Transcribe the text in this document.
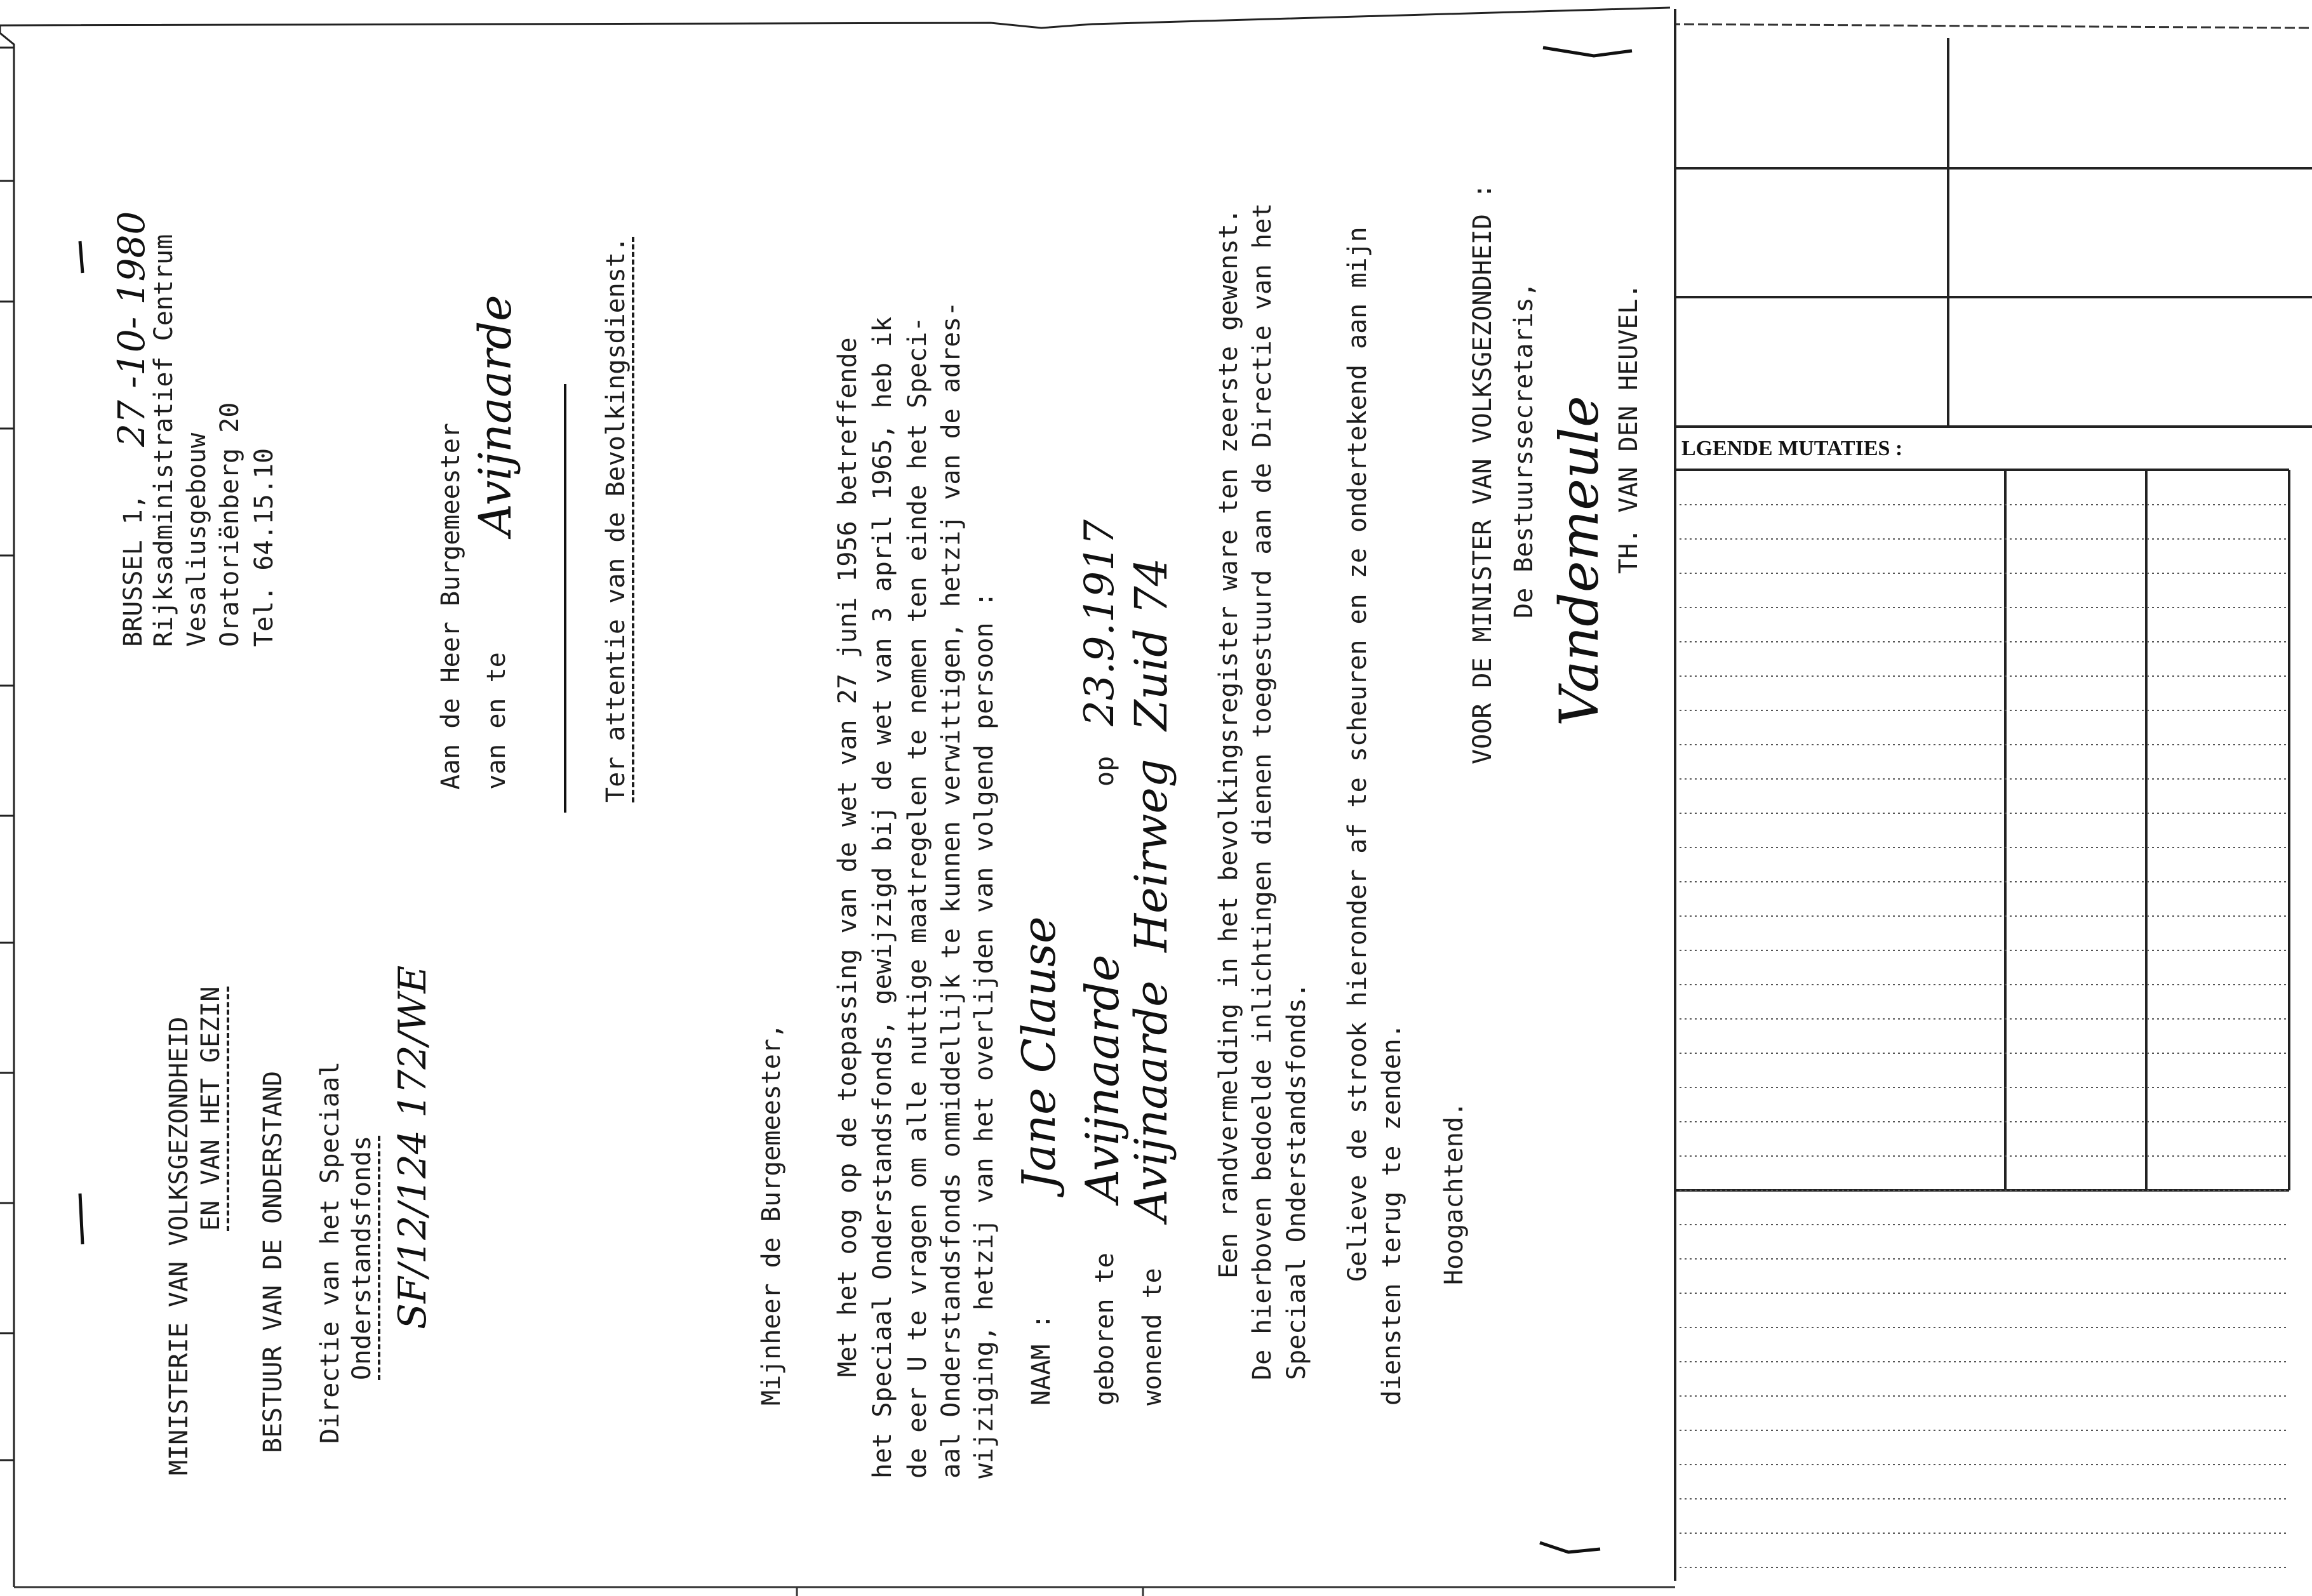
MINISTERIE VAN VOLKSGEZONDHEID EN VAN HET GEZIN BESTUUR VAN DE ONDERSTAND Directie van het Speciaal Onderstandsfonds SF/12/124 172/WE
BRUSSEL 1,
27 -10- 1980
Rijksadministratief Centrum Vesaliusgebouw Oratoriënberg 20 Tel. 64.15.10	Aan de Heer Burgemeester van en te
Avijnaarde	Ter attentie van de Bevolkingsdienst.
Mijnheer de Burgemeester, Met het oog op de toepassing van de wet van 27 juni 1956 betreffende het Speciaal Onderstandsfonds, gewijzigd bij de wet van 3 april 1965, heb ik de eer U te vragen om alle nuttige maatregelen te nemen ten einde het Speci- aal Onderstandsfonds onmiddellijk te kunnen verwittigen, hetzij van de adres- wijziging, hetzij van het overlijden van volgend persoon : NAAM :
Jane Clause
geboren te
Avijnaarde
op
23.9.1917
wonend te
Avijnaarde  Heirweg  Zuid 74 Een randvermelding in het bevolkingsregister ware ten zeerste gewenst. De hierboven bedoelde inlichtingen dienen toegestuurd aan de Directie van het Speciaal Onderstandsfonds. Gelieve de strook hieronder af te scheuren en ze ondertekend aan mijn diensten terug te zenden. Hoogachtend.
VOOR DE MINISTER VAN VOLKSGEZONDHEID : De Bestuurssecretaris, Vandemeule TH. VAN DEN HEUVEL. LGENDE MUTATIES :
